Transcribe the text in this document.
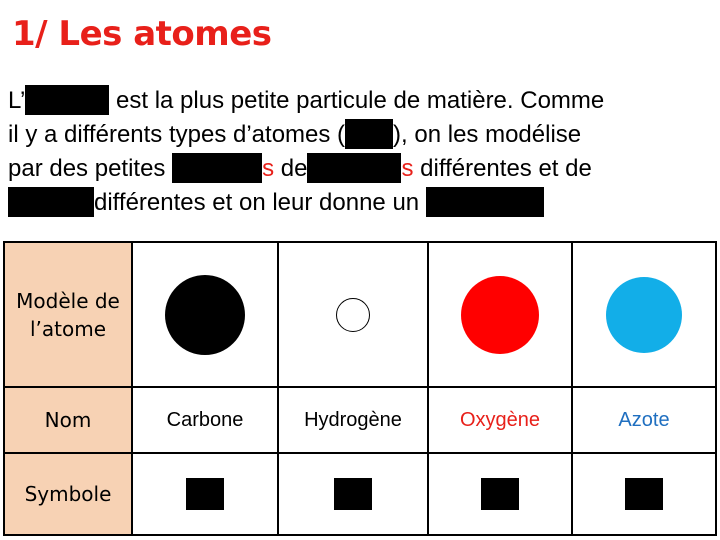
1/ Les atomes
L’	est la plus petite particule de matière. Comme
il y a différents types d’atomes ( ), on les modélise
par des petites	s de	s différentes et de
différentes et on leur donne un
Modèle de l’atome	

Nom	Carbone	Hydrogène	Oxygène	Azote
Symbole	
